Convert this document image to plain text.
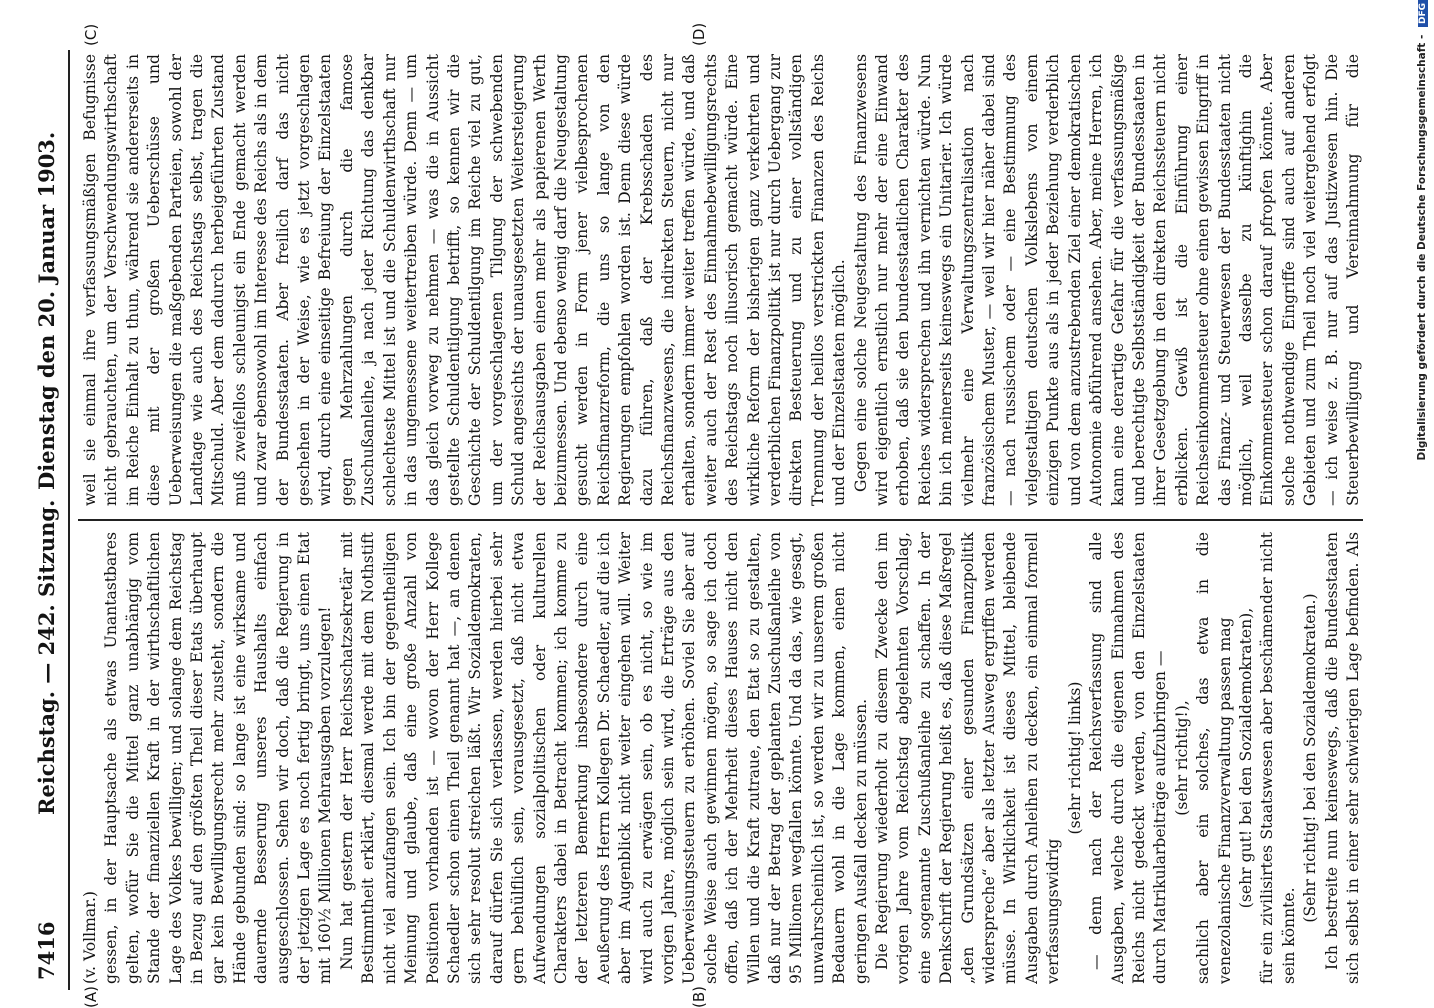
7416
Reichstag. — 242. Sitzung.
Dienstag den 20. Januar 1903.
(A)	(B)
(C)	(D)

(v. Vollmar.) gessen, in der Hauptsache als etwas Unantastbares gelten, wofür Sie die Mittel ganz unabhängig vom Stande der finanziellen Kraft in der wirthschaftlichen Lage des Volkes bewilligen; und solange dem Reichstag in Bezug auf den größten Theil dieser Etats überhaupt gar kein Bewilligungsrecht mehr zusteht, sondern die Hände gebunden sind: so lange ist eine wirksame und dauernde Besserung unseres Haushalts einfach ausgeschlossen. Sehen wir doch, daß die Regierung in der jetzigen Lage es noch fertig bringt, uns einen Etat mit 160½ Millionen Mehrausgaben vorzulegen! Nun hat gestern der Herr Reichsschatzsekretär mit Bestimmtheit erklärt, diesmal werde mit dem Nothstift nicht viel anzufangen sein. Ich bin der gegentheiligen Meinung und glaube, daß eine große Anzahl von Positionen vorhanden ist — wovon der Herr Kollege Schaedler schon einen Theil genannt hat —, an denen sich sehr resolut streichen läßt. Wir Sozialdemokraten, darauf dürfen Sie sich verlassen, werden hierbei sehr gern behülflich sein, vorausgesetzt, daß nicht etwa Aufwendungen sozialpolitischen oder kulturellen Charakters dabei in Betracht kommen; ich komme zu der letzteren Bemerkung insbesondere durch eine Aeußerung des Herrn Kollegen Dr. Schaedler, auf die ich aber im Augenblick nicht weiter eingehen will. Weiter wird auch zu erwägen sein, ob es nicht, so wie im vorigen Jahre, möglich sein wird, die Erträge aus den Ueberweisungssteuern zu erhöhen. Soviel Sie aber auf solche Weise auch gewinnen mögen, so sage ich doch offen, daß ich der Mehrheit dieses Hauses nicht den Willen und die Kraft zutraue, den Etat so zu gestalten, daß nur der Betrag der geplanten Zuschußanleihe von 95 Millionen wegfallen könnte. Und da das, wie gesagt, unwahrscheinlich ist, so werden wir zu unserem großen Bedauern wohl in die Lage kommen, einen nicht geringen Ausfall decken zu müssen. Die Regierung wiederholt zu diesem Zwecke den im vorigen Jahre vom Reichstag abgelehnten Vorschlag, eine sogenannte Zuschußanleihe zu schaffen. In der Denkschrift der Regierung heißt es, daß diese Maßregel „den Grundsätzen einer gesunden Finanzpolitik widerspreche“ aber als letzter Ausweg ergriffen werden müsse. In Wirklichkeit ist dieses Mittel, bleibende Ausgaben durch Anleihen zu decken, ein einmal formell verfassungswidrig

(sehr richtig! links) — denn nach der Reichsverfassung sind alle Ausgaben, welche durch die eigenen Einnahmen des Reichs nicht gedeckt werden, von den Einzelstaaten durch Matrikularbeiträge aufzubringen — (sehr richtig!), sachlich aber ein solches, das etwa in die venezolanische Finanzverwaltung passen mag (sehr gut! bei den Sozialdemokraten), für ein zivilisirtes Staatswesen aber beschämender nicht sein könnte.

(Sehr richtig! bei den Sozialdemokraten.)

Ich bestreite nun keineswegs, daß die Bundesstaaten sich selbst in einer sehr schwierigen Lage befinden. Als

weil sie einmal ihre verfassungsmäßigen Befugnisse nicht gebrauchten, um der Verschwendungswirthschaft im Reiche Einhalt zu thun, während sie andererseits in diese mit der großen Ueberschüsse und Ueberweisungen die maßgebenden Parteien, sowohl der Landtage wie auch des Reichstags selbst, tragen die Mitschuld. Aber dem dadurch herbeigeführten Zustand muß zweifellos schleunigst ein Ende gemacht werden und zwar ebensowohl im Interesse des Reichs als in dem der Bundesstaaten. Aber freilich darf das nicht geschehen in der Weise, wie es jetzt vorgeschlagen wird, durch eine einseitige Befreiung der Einzelstaaten gegen Mehrzahlungen durch die famose Zuschußanleihe, ja nach jeder Richtung das denkbar schlechteste Mittel ist und die Schuldenwirthschaft nur in das ungemessene weitertreiben würde. Denn — um das gleich vorweg zu nehmen — was die in Aussicht gestellte Schuldentilgung betrifft, so kennen wir die Geschichte der Schuldentilgung im Reiche viel zu gut, um der vorgeschlagenen Tilgung der schwebenden Schuld angesichts der unausgesetzten Weitersteigerung der Reichsausgaben einen mehr als papierenen Werth beizumessen. Und ebenso wenig darf die Neugestaltung gesucht werden in Form jener vielbesprochenen Reichsfinanzreform, die uns so lange von den Regierungen empfohlen worden ist. Denn diese würde dazu führen, daß der Krebsschaden des Reichsfinanzwesens, die indirekten Steuern, nicht nur erhalten, sondern immer weiter treffen würde, und daß weiter auch der Rest des Einnahmebewilligungsrechts des Reichstags noch illusorisch gemacht würde. Eine wirkliche Reform der bisherigen ganz verkehrten und verderblichen Finanzpolitik ist nur durch Uebergang zur direkten Besteuerung und zu einer vollständigen Trennung der heillos verstrickten Finanzen des Reichs und der Einzelstaaten möglich. Gegen eine solche Neugestaltung des Finanzwesens wird eigentlich ernstlich nur mehr der eine Einwand erhoben, daß sie den bundesstaatlichen Charakter des Reiches widersprechen und ihn vernichten würde. Nun bin ich meinerseits keineswegs ein Unitarier. Ich würde vielmehr eine Verwaltungszentralisation nach französischem Muster, — weil wir hier näher dabei sind — nach russischem oder — eine Bestimmung des vielgestaltigen deutschen Volkslebens von einem einzigen Punkte aus als in jeder Beziehung verderblich und von dem anzustrebenden Ziel einer demokratischen Autonomie abführend ansehen. Aber, meine Herren, ich kann eine derartige Gefahr für die verfassungsmäßige und berechtigte Selbstständigkeit der Bundesstaaten in ihrer Gesetzgebung in den direkten Reichssteuern nicht erblicken. Gewiß ist die Einführung einer Reichseinkommensteuer ohne einen gewissen Eingriff in das Finanz- und Steuerwesen der Bundesstaaten nicht möglich, weil dasselbe zu künftighin die Einkommensteuer schon darauf pfropfen könnte. Aber solche nothwendige Eingriffe sind auch auf anderen Gebieten und zum Theil noch viel weitergehend erfolgt — ich weise z. B. nur auf das Justizwesen hin. Die Steuerbewilligung und Vereinnahmung für die	Digitalisierung gefördert durch die Deutsche Forschungsgemeinschaft - DFG
